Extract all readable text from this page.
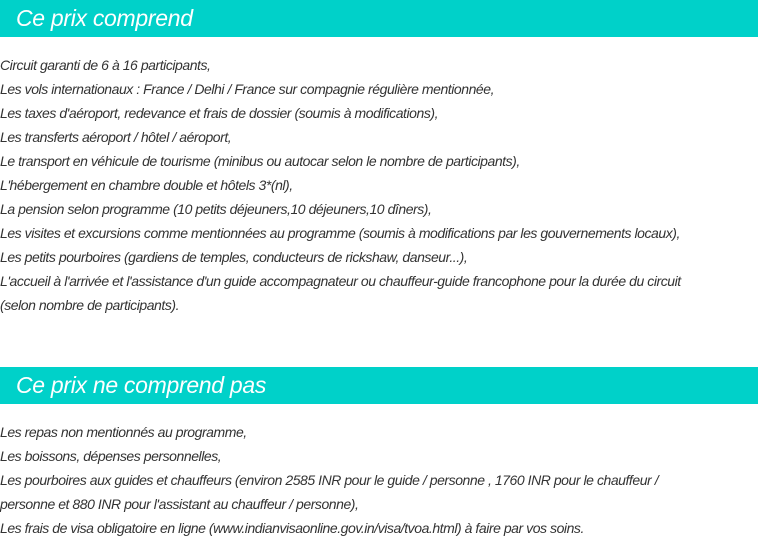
Ce prix comprend
Circuit garanti de 6 à 16 participants,
Les vols internationaux : France / Delhi / France sur compagnie régulière mentionnée,
Les taxes d'aéroport, redevance et frais de dossier (soumis à modifications),
Les transferts aéroport / hôtel / aéroport,
Le transport en véhicule de tourisme (minibus ou autocar selon le nombre de participants),
L'hébergement en chambre double et hôtels 3*(nl),
La pension selon programme (10 petits déjeuners,10 déjeuners,10 dîners),
Les visites et excursions comme mentionnées au programme (soumis à modifications par les gouvernements locaux),
Les petits pourboires (gardiens de temples, conducteurs de rickshaw, danseur...),
L'accueil à l'arrivée et l'assistance d'un guide accompagnateur ou chauffeur-guide francophone pour la durée du circuit
(selon nombre de participants).
Ce prix ne comprend pas
Les repas non mentionnés au programme,
Les boissons, dépenses personnelles,
Les pourboires aux guides et chauffeurs (environ 2585 INR pour le guide / personne , 1760 INR pour le chauffeur /
personne et 880 INR pour l'assistant au chauffeur / personne),
Les frais de visa obligatoire en ligne (www.indianvisaonline.gov.in/visa/tvoa.html) à faire par vos soins.
